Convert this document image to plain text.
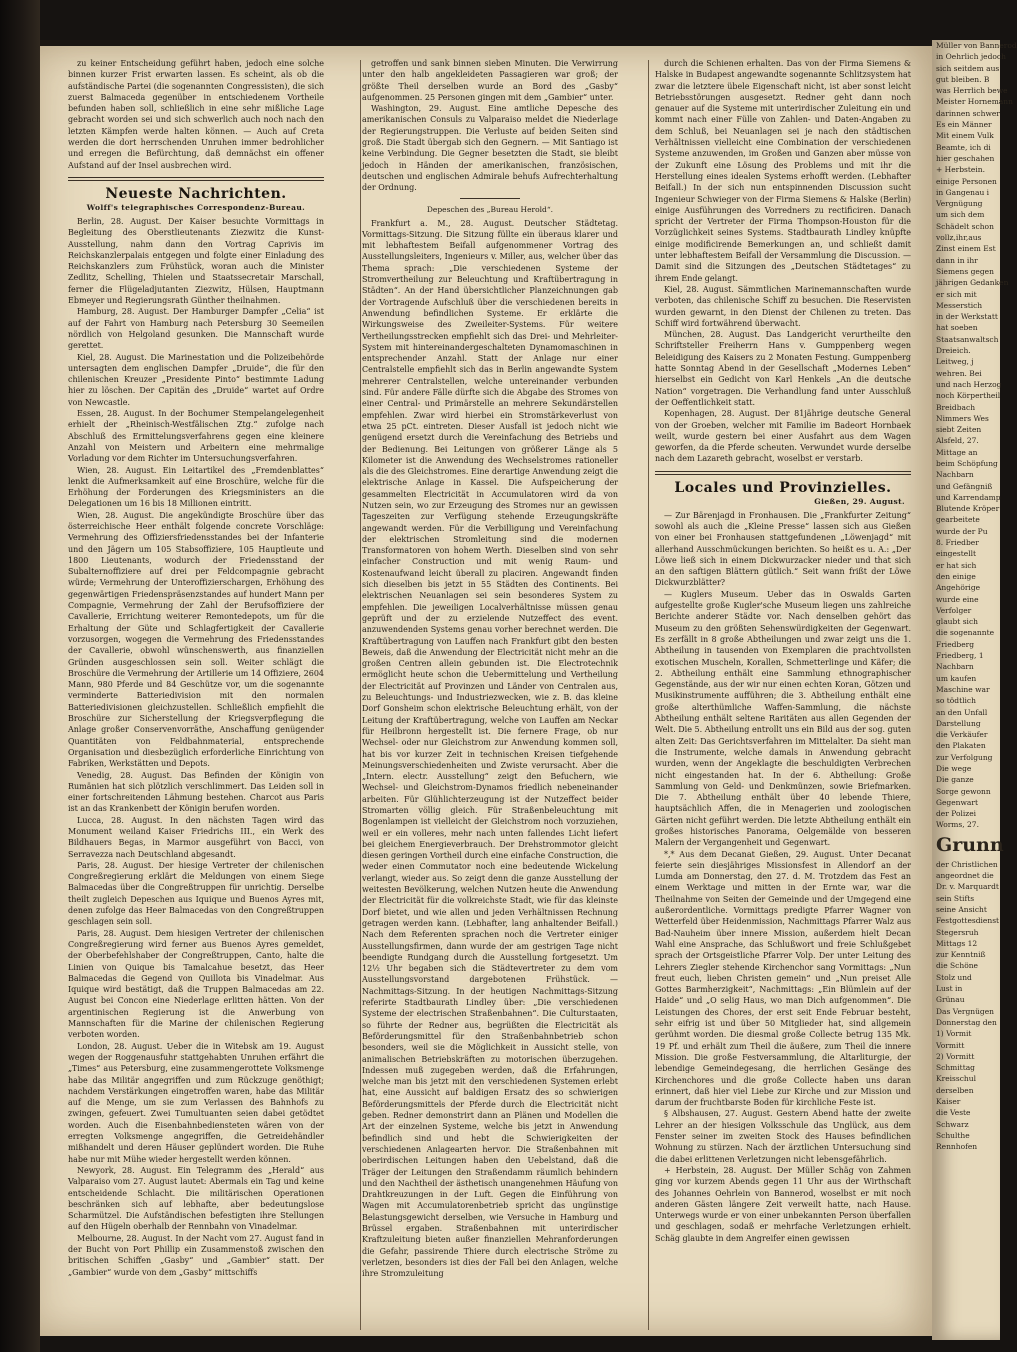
zu keiner Entscheidung geführt haben, jedoch eine solche binnen kurzer Frist erwarten lassen. Es scheint, als ob die aufständische Partei (die sogenannten Congressisten), die sich zuerst Balmaceda gegenüber in entschiedenem Vortheile befunden haben soll, schließlich in eine sehr mißliche Lage gebracht worden sei und sich schwerlich auch noch nach den letzten Kämpfen werde halten können. — Auch auf Creta werden die dort herrschenden Unruhen immer bedrohlicher und erregen die Befürchtung, daß demnächst ein offener Aufstand auf der Insel ausbrechen wird.

Neueste Nachrichten.
Wolff's telegraphisches Correspondenz-Bureau.

Berlin, 28. August. Der Kaiser besuchte Vormittags in Begleitung des Oberstlieutenants Ziezwitz die Kunst-Ausstellung, nahm dann den Vortrag Caprivis im Reichskanzlerpalais entgegen und folgte einer Einladung des Reichskanzlers zum Frühstück, woran auch die Minister Zedlitz, Schelling, Thielen und Staatssecretair Marschall, ferner die Flügeladjutanten Ziezwitz, Hülsen, Hauptmann Ebmeyer und Regierungsrath Günther theilnahmen.

Hamburg, 28. August. Der Hamburger Dampfer „Celia“ ist auf der Fahrt von Hamburg nach Petersburg 30 Seemeilen nördlich von Helgoland gesunken. Die Mannschaft wurde gerettet.

Kiel, 28. August. Die Marinestation und die Polizeibehörde untersagten dem englischen Dampfer „Druide“, die für den chilenischen Kreuzer „Presidente Pinto“ bestimmte Ladung hier zu löschen. Der Capitän des „Druide“ wartet auf Ordre von Newcastle.

Essen, 28. August. In der Bochumer Stempelangelegenheit erhielt der „Rheinisch-Westfälischen Ztg.“ zufolge nach Abschluß des Ermittelungsverfahrens gegen eine kleinere Anzahl von Meistern und Arbeitern eine mehrmalige Vorladung vor dem Richter im Untersuchungsverfahren.

Wien, 28. August. Ein Leitartikel des „Fremdenblattes“ lenkt die Aufmerksamkeit auf eine Broschüre, welche für die Erhöhung der Forderungen des Kriegsministers an die Delegationen um 16 bis 18 Millionen eintritt.

Wien, 28. August. Die angekündigte Broschüre über das österreichische Heer enthält folgende concrete Vorschläge: Vermehrung des Offiziersfriedensstandes bei der Infanterie und den Jägern um 105 Stabsoffiziere, 105 Hauptleute und 1800 Lieutenants, wodurch der Friedensstand der Subalternoffiziere auf drei per Feldcompagnie gebracht würde; Vermehrung der Unteroffizierschargen, Erhöhung des gegenwärtigen Friedenspräsenzstandes auf hundert Mann per Compagnie, Vermehrung der Zahl der Berufsoffiziere der Cavallerie, Errichtung weiterer Remontedepots, um für die Erhaltung der Güte und Schlagfertigkeit der Cavallerie vorzusorgen, wogegen die Vermehrung des Friedensstandes der Cavallerie, obwohl wünschenswerth, aus finanziellen Gründen ausgeschlossen sein soll. Weiter schlägt die Broschüre die Vermehrung der Artillerie um 14 Offiziere, 2604 Mann, 980 Pferde und 84 Geschütze vor, um die sogenannte verminderte Batteriedivision mit den normalen Batteriedivisionen gleichzustellen. Schließlich empfiehlt die Broschüre zur Sicherstellung der Kriegsverpflegung die Anlage großer Conservenvorräthe, Anschaffung genügender Quantitäten von Feldbahnmaterial, entsprechende Organisation und diesbezüglich erforderliche Einrichtung von Fabriken, Werkstätten und Depots.

Venedig, 28. August. Das Befinden der Königin von Rumänien hat sich plötzlich verschlimmert. Das Leiden soll in einer fortschreitenden Lähmung bestehen. Charcot aus Paris ist an das Krankenbett der Königin berufen worden.

Lucca, 28. August. In den nächsten Tagen wird das Monument weiland Kaiser Friedrichs III., ein Werk des Bildhauers Begas, in Marmor ausgeführt von Bacci, von Serravezza nach Deutschland abgesandt.

Paris, 28. August. Der hiesige Vertreter der chilenischen Congreßregierung erklärt die Meldungen von einem Siege Balmacedas über die Congreßtruppen für unrichtig. Derselbe theilt zugleich Depeschen aus Iquique und Buenos Ayres mit, denen zufolge das Heer Balmacedas von den Congreßtruppen geschlagen sein soll.

Paris, 28. August. Dem hiesigen Vertreter der chilenischen Congreßregierung wird ferner aus Buenos Ayres gemeldet, der Oberbefehlshaber der Congreßtruppen, Canto, halte die Linien von Quique bis Tamalcahue besetzt, das Heer Balmacedas die Gegend von Quillota bis Vinadelmar. Aus Iquique wird bestätigt, daß die Truppen Balmacedas am 22. August bei Concon eine Niederlage erlitten hätten. Von der argentinischen Regierung ist die Anwerbung von Mannschaften für die Marine der chilenischen Regierung verboten worden.

London, 28. August. Ueber die in Witebsk am 19. August wegen der Roggenausfuhr stattgehabten Unruhen erfährt die „Times“ aus Petersburg, eine zusammengerottete Volksmenge habe das Militär angegriffen und zum Rückzuge genöthigt; nachdem Verstärkungen eingetroffen waren, habe das Militär auf die Menge, um sie zum Verlassen des Bahnhofs zu zwingen, gefeuert. Zwei Tumultuanten seien dabei getödtet worden. Auch die Eisenbahnbediensteten wären von der erregten Volksmenge angegriffen, die Getreidehändler mißhandelt und deren Häuser geplündert worden. Die Ruhe habe nur mit Mühe wieder hergestellt werden können.

Newyork, 28. August. Ein Telegramm des „Herald“ aus Valparaiso vom 27. August lautet: Abermals ein Tag und keine entscheidende Schlacht. Die militärischen Operationen beschränken sich auf lebhafte, aber bedeutungslose Scharmützel. Die Aufständischen befestigten ihre Stellungen auf den Hügeln oberhalb der Rennbahn von Vinadelmar.

Melbourne, 28. August. In der Nacht vom 27. August fand in der Bucht von Port Phillip ein Zusammenstoß zwischen den britischen Schiffen „Gasby“ und „Gambier“ statt. Der „Gambier“ wurde von dem „Gasby“ mittschiffs

getroffen und sank binnen sieben Minuten. Die Verwirrung unter den halb angekleideten Passagieren war groß; der größte Theil derselben wurde an Bord des „Gasby“ aufgenommen. 25 Personen gingen mit dem „Gambier“ unter.

Washington, 29. August. Eine amtliche Depesche des amerikanischen Consuls zu Valparaiso meldet die Niederlage der Regierungstruppen. Die Verluste auf beiden Seiten sind groß. Die Stadt übergab sich den Gegnern. — Mit Santiago ist keine Verbindung. Die Gegner besetzten die Stadt, sie bleibt jedoch in Händen der amerikanischen, französischen, deutschen und englischen Admirale behufs Aufrechterhaltung der Ordnung.

Depeschen des „Bureau Herold“.

Frankfurt a. M., 28. August. Deutscher Städtetag. Vormittags-Sitzung. Die Sitzung füllte ein überaus klarer und mit lebhaftestem Beifall aufgenommener Vortrag des Ausstellungsleiters, Ingenieurs v. Miller, aus, welcher über das Thema sprach: „Die verschiedenen Systeme der Stromvertheilung zur Beleuchtung und Kraftübertragung in Städten“. An der Hand übersichtlicher Planzeichnungen gab der Vortragende Aufschluß über die verschiedenen bereits in Anwendung befindlichen Systeme. Er erklärte die Wirkungsweise des Zweileiter-Systems. Für weitere Vertheilungsstrecken empfiehlt sich das Drei- und Mehrleiter-System mit hintereinandergeschalteten Dynamomaschinen in entsprechender Anzahl. Statt der Anlage nur einer Centralstelle empfiehlt sich das in Berlin angewandte System mehrerer Centralstellen, welche untereinander verbunden sind. Für andere Fälle dürfte sich die Abgabe des Stromes von einer Central- und Primärstelle an mehrere Sekundärstellen empfehlen. Zwar wird hierbei ein Stromstärkeverlust von etwa 25 pCt. eintreten. Dieser Ausfall ist jedoch nicht wie genügend ersetzt durch die Vereinfachung des Betriebs und der Bedienung. Bei Leitungen von größerer Länge als 5 Kilometer ist die Anwendung des Wechselstromes rationeller als die des Gleichstromes. Eine derartige Anwendung zeigt die elektrische Anlage in Kassel. Die Aufspeicherung der gesammelten Electricität in Accumulatoren wird da von Nutzen sein, wo zur Erzeugung des Stromes nur an gewissen Tageszeiten zur Verfügung stehende Erzeugungskräfte angewandt werden. Für die Verbilligung und Vereinfachung der elektrischen Stromleitung sind die modernen Transformatoren von hohem Werth. Dieselben sind von sehr einfacher Construction und mit wenig Raum- und Kostenaufwand leicht überall zu placiren. Angewandt finden sich dieselben bis jetzt in 55 Städten des Continents. Bei elektrischen Neuanlagen sei sein besonderes System zu empfehlen. Die jeweiligen Localverhältnisse müssen genau geprüft und der zu erzielende Nutzeffect des event. anzuwendenden Systems genau vorher berechnet werden. Die Kraftübertragung von Lauffen nach Frankfurt gibt den besten Beweis, daß die Anwendung der Electricität nicht mehr an die großen Centren allein gebunden ist. Die Electrotechnik ermöglicht heute schon die Uebermittelung und Vertheilung der Electricität auf Provinzen und Länder von Centralen aus, zu Beleuchtungs- und Industriezwecken, wie z. B. das kleine Dorf Gonsheim schon elektrische Beleuchtung erhält, von der Leitung der Kraftübertragung, welche von Lauffen am Neckar für Heilbronn hergestellt ist. Die fernere Frage, ob nur Wechsel- oder nur Gleichstrom zur Anwendung kommen soll, hat bis vor kurzer Zeit in technischen Kreisen tiefgehende Meinungsverschiedenheiten und Zwiste verursacht. Aber die „Intern. electr. Ausstellung“ zeigt den Befuchern, wie Wechsel- und Gleichstrom-Dynamos friedlich nebeneinander arbeiten. Für Glühlichterzeugung ist der Nutzeffect beider Stromarten völlig gleich. Für Straßenbeleuchtung mit Bogenlampen ist vielleicht der Gleichstrom noch vorzuziehen, weil er ein volleres, mehr nach unten fallendes Licht liefert bei gleichem Energieverbrauch. Der Drehstrommotor gleicht diesen geringen Vortheil durch eine einfache Construction, die weder einen Commutator noch eine bedeutende Wickelung verlangt, wieder aus. So zeigt denn die ganze Ausstellung der weitesten Bevölkerung, welchen Nutzen heute die Anwendung der Electricität für die volkreichste Stadt, wie für das kleinste Dorf bietet, und wie allen und jeden Verhältnissen Rechnung getragen werden kann. (Lebhafter, lang anhaltender Beifall.) Nach dem Referenten sprachen noch die Vertreter einiger Ausstellungsfirmen, dann wurde der am gestrigen Tage nicht beendigte Rundgang durch die Ausstellung fortgesetzt. Um 12½ Uhr begaben sich die Städtevertreter zu dem vom Ausstellungsvorstand dargebotenen Frühstück. — Nachmittags-Sitzung. In der heutigen Nachmittags-Sitzung referirte Stadtbaurath Lindley über: „Die verschiedenen Systeme der electrischen Straßenbahnen“. Die Culturstaaten, so führte der Redner aus, begrüßten die Electricität als Beförderungsmittel für den Straßenbahnbetrieb schon besonders, weil sie die Möglichkeit in Aussicht stelle, von animalischen Betriebskräften zu motorischen überzugehen. Indessen muß zugegeben werden, daß die Erfahrungen, welche man bis jetzt mit den verschiedenen Systemen erlebt hat, eine Aussicht auf baldigen Ersatz des so schwierigen Beförderungsmittels der Pferde durch die Electricität nicht geben. Redner demonstrirt dann an Plänen und Modellen die Art der einzelnen Systeme, welche bis jetzt in Anwendung befindlich sind und hebt die Schwierigkeiten der verschiedenen Anlagearten hervor. Die Straßenbahnen mit oberirdischen Leitungen haben den Uebelstand, daß die Träger der Leitungen den Straßendamm räumlich behindern und den Nachtheil der ästhetisch unangenehmen Häufung von Drahtkreuzungen in der Luft. Gegen die Einführung von Wagen mit Accumulatorenbetrieb spricht das ungünstige Belastungsgewicht derselben, wie Versuche in Hamburg und Brüssel ergaben. Straßenbahnen mit unterirdischer Kraftzuleitung bieten außer finanziellen Mehranforderungen die Gefahr, passirende Thiere durch electrische Ströme zu verletzen, besonders ist dies der Fall bei den Anlagen, welche ihre Stromzuleitung

durch die Schienen erhalten. Das von der Firma Siemens & Halske in Budapest angewandte sogenannte Schlitzsystem hat zwar die letztere übele Eigenschaft nicht, ist aber sonst leicht Betriebsstörungen ausgesetzt. Redner geht dann noch genauer auf die Systeme mit unterirdischer Zuleitung ein und kommt nach einer Fülle von Zahlen- und Daten-Angaben zu dem Schluß, bei Neuanlagen sei je nach den städtischen Verhältnissen vielleicht eine Combination der verschiedenen Systeme anzuwenden, im Großen und Ganzen aber müsse von der Zukunft eine Lösung des Problems und mit ihr die Herstellung eines idealen Systems erhofft werden. (Lebhafter Beifall.) In der sich nun entspinnenden Discussion sucht Ingenieur Schwieger von der Firma Siemens & Halske (Berlin) einige Ausführungen des Vorredners zu rectificiren. Danach spricht der Vertreter der Firma Thompson-Houston für die Vorzüglichkeit seines Systems. Stadtbaurath Lindley knüpfte einige modificirende Bemerkungen an, und schließt damit unter lebhaftestem Beifall der Versammlung die Discussion. — Damit sind die Sitzungen des „Deutschen Städtetages“ zu ihrem Ende gelangt.

Kiel, 28. August. Sämmtlichen Marinemannschaften wurde verboten, das chilenische Schiff zu besuchen. Die Reservisten wurden gewarnt, in den Dienst der Chilenen zu treten. Das Schiff wird fortwährend überwacht.

München, 28. August. Das Landgericht verurtheilte den Schriftsteller Freiherrn Hans v. Gumppenberg wegen Beleidigung des Kaisers zu 2 Monaten Festung. Gumppenberg hatte Sonntag Abend in der Gesellschaft „Modernes Leben“ hierselbst ein Gedicht von Karl Henkels „An die deutsche Nation“ vorgetragen. Die Verhandlung fand unter Ausschluß der Oeffentlichkeit statt.

Kopenhagen, 28. August. Der 81jährige deutsche General von der Groeben, welcher mit Familie im Badeort Hornbaek weilt, wurde gestern bei einer Ausfahrt aus dem Wagen geworfen, da die Pferde scheuten. Verwundet wurde derselbe nach dem Lazareth gebracht, woselbst er verstarb.

Locales und Provinzielles.
Gießen, 29. August.

— Zur Bärenjagd in Fronhausen. Die „Frankfurter Zeitung“ sowohl als auch die „Kleine Presse“ lassen sich aus Gießen von einer bei Fronhausen stattgefundenen „Löwenjagd“ mit allerhand Ausschmückungen berichten. So heißt es u. A.: „Der Löwe ließ sich in einem Dickwurzacker nieder und that sich an den saftigen Blättern gütlich.“ Seit wann frißt der Löwe Dickwurzblätter?

— Kuglers Museum. Ueber das in Oswalds Garten aufgestellte große Kugler'sche Museum liegen uns zahlreiche Berichte anderer Städte vor. Nach denselben gehört das Museum zu den größten Sehenswürdigkeiten der Gegenwart. Es zerfällt in 8 große Abtheilungen und zwar zeigt uns die 1. Abtheilung in tausenden von Exemplaren die prachtvollsten exotischen Muscheln, Korallen, Schmetterlinge und Käfer; die 2. Abtheilung enthält eine Sammlung ethnographischer Gegenstände, aus der wir nur einen echten Koran, Götzen und Musikinstrumente aufführen; die 3. Abtheilung enthält eine große alterthümliche Waffen-Sammlung, die nächste Abtheilung enthält seltene Raritäten aus allen Gegenden der Welt. Die 5. Abtheilung entrollt uns ein Bild aus der sog. guten alten Zeit: Das Gerichtsverfahren im Mittelalter. Da sieht man die Instrumente, welche damals in Anwendung gebracht wurden, wenn der Angeklagte die beschuldigten Verbrechen nicht eingestanden hat. In der 6. Abtheilung: Große Sammlung von Geld- und Denkmünzen, sowie Briefmarken. Die 7. Abtheilung enthält über 40 lebende Thiere, hauptsächlich Affen, die in Menagerien und zoologischen Gärten nicht geführt werden. Die letzte Abtheilung enthält ein großes historisches Panorama, Oelgemälde von besseren Malern der Vergangenheit und Gegenwart.

*,* Aus dem Decanat Gießen, 29. August. Unter Decanat feierte sein diesjähriges Missionsfest in Allendorf an der Lumda am Donnerstag, den 27. d. M. Trotzdem das Fest an einem Werktage und mitten in der Ernte war, war die Theilnahme von Seiten der Gemeinde und der Umgegend eine außerordentliche. Vormittags predigte Pfarrer Wagner von Wetterfeld über Heidenmission, Nachmittags Pfarrer Walz aus Bad-Nauheim über innere Mission, außerdem hielt Decan Wahl eine Ansprache, das Schlußwort und freie Schlußgebet sprach der Ortsgeistliche Pfarrer Volp. Der unter Leitung des Lehrers Ziegler stehende Kirchenchor sang Vormittags: „Nun freut euch, lieben Christen gemein“ und „Nun preiset Alle Gottes Barmherzigkeit“, Nachmittags: „Ein Blümlein auf der Haide“ und „O selig Haus, wo man Dich aufgenommen“. Die Leistungen des Chores, der erst seit Ende Februar besteht, sehr eifrig ist und über 50 Mitglieder hat, sind allgemein gerühmt worden. Die diesmal große Collecte betrug 135 Mk. 19 Pf. und erhält zum Theil die äußere, zum Theil die innere Mission. Die große Festversammlung, die Altarliturgie, der lebendige Gemeindegesang, die herrlichen Gesänge des Kirchenchores und die große Collecte haben uns daran erinnert, daß hier viel Liebe zur Kirche und zur Mission und darum der fruchtbarste Boden für kirchliche Feste ist.

§ Albshausen, 27. August. Gestern Abend hatte der zweite Lehrer an der hiesigen Volksschule das Unglück, aus dem Fenster seiner im zweiten Stock des Hauses befindlichen Wohnung zu stürzen. Nach der ärztlichen Untersuchung sind die dabei erlittenen Verletzungen nicht lebensgefährlich.

+ Herbstein, 28. August. Der Müller Schäg von Zahmen ging vor kurzem Abends gegen 11 Uhr aus der Wirthschaft des Johannes Oehrlein von Bannerod, woselbst er mit noch anderen Gästen längere Zeit verweilt hatte, nach Hause. Unterwegs wurde er von einer unbekannten Person überfallen und geschlagen, sodaß er mehrfache Verletzungen erhielt. Schäg glaubte in dem Angreifer einen gewissen

Müller von Bannerod
in Oehrlich jedoch
sich seitdem aus
gut bleiben. B
was Herrlich bewe
Meister Hornemann
darinnen schwer
Es ein Männer
Mit einem Vulk
Beamte, ich di
hier geschahen
+ Herbstein.
einige Personen
in Gangenau i
Vergnügung
um sich dem
Schädelt schon
vollz,ihr,aus
Zinst einem Est
dann in ihr
Siemens gegen
jährigen Gedanken
er sich mit
Messerstich
in der Werkstatt
hat soeben
Staatsanwaltsch
Dreieich.
Leitweg, j
wehren. Bei
und nach Herzog
noch Körpertheil
Breidbach
Nimmers Wes
siebt Zeiten
Alsfeld, 27.
Mittage an
beim Schöpfung
Nachbarn
und Gefängniß
und Karrendamp
Blutende Kröper
gearbeitete
wurde der Pu
8. Friedber
eingestellt
er hat sich
den einige
Angehörige
wurde eine
Verfolger
glaubt sich
die sogenannte
Friedberg
Friedberg, 1
Nachbarn
um kaufen
Maschine war
so tödtlich
an den Unfall
Darstellung
die Verkäufer
den Plakaten
zur Verfolgung
Die wege
Die ganze
Sorge gewonn
Gegenwart
der Polizei
Worms, 27.
Grunn
der Christlichen
angeordnet die
Dr. v. Marquardt
sein Stifts
seine Ansicht
Festgottesdienst
Stegersruh
Mittags 12
zur Kenntniß
die Schöne
Stolz und
Lust in
Grünau
Das Vergnügen
Donnerstag den
1) Vormit
Vormitt
2) Vormitt
Schmittag
Kreisschul
derselben
Kaiser
die Veste
Schwarz
Schulthe
Rennhofen
